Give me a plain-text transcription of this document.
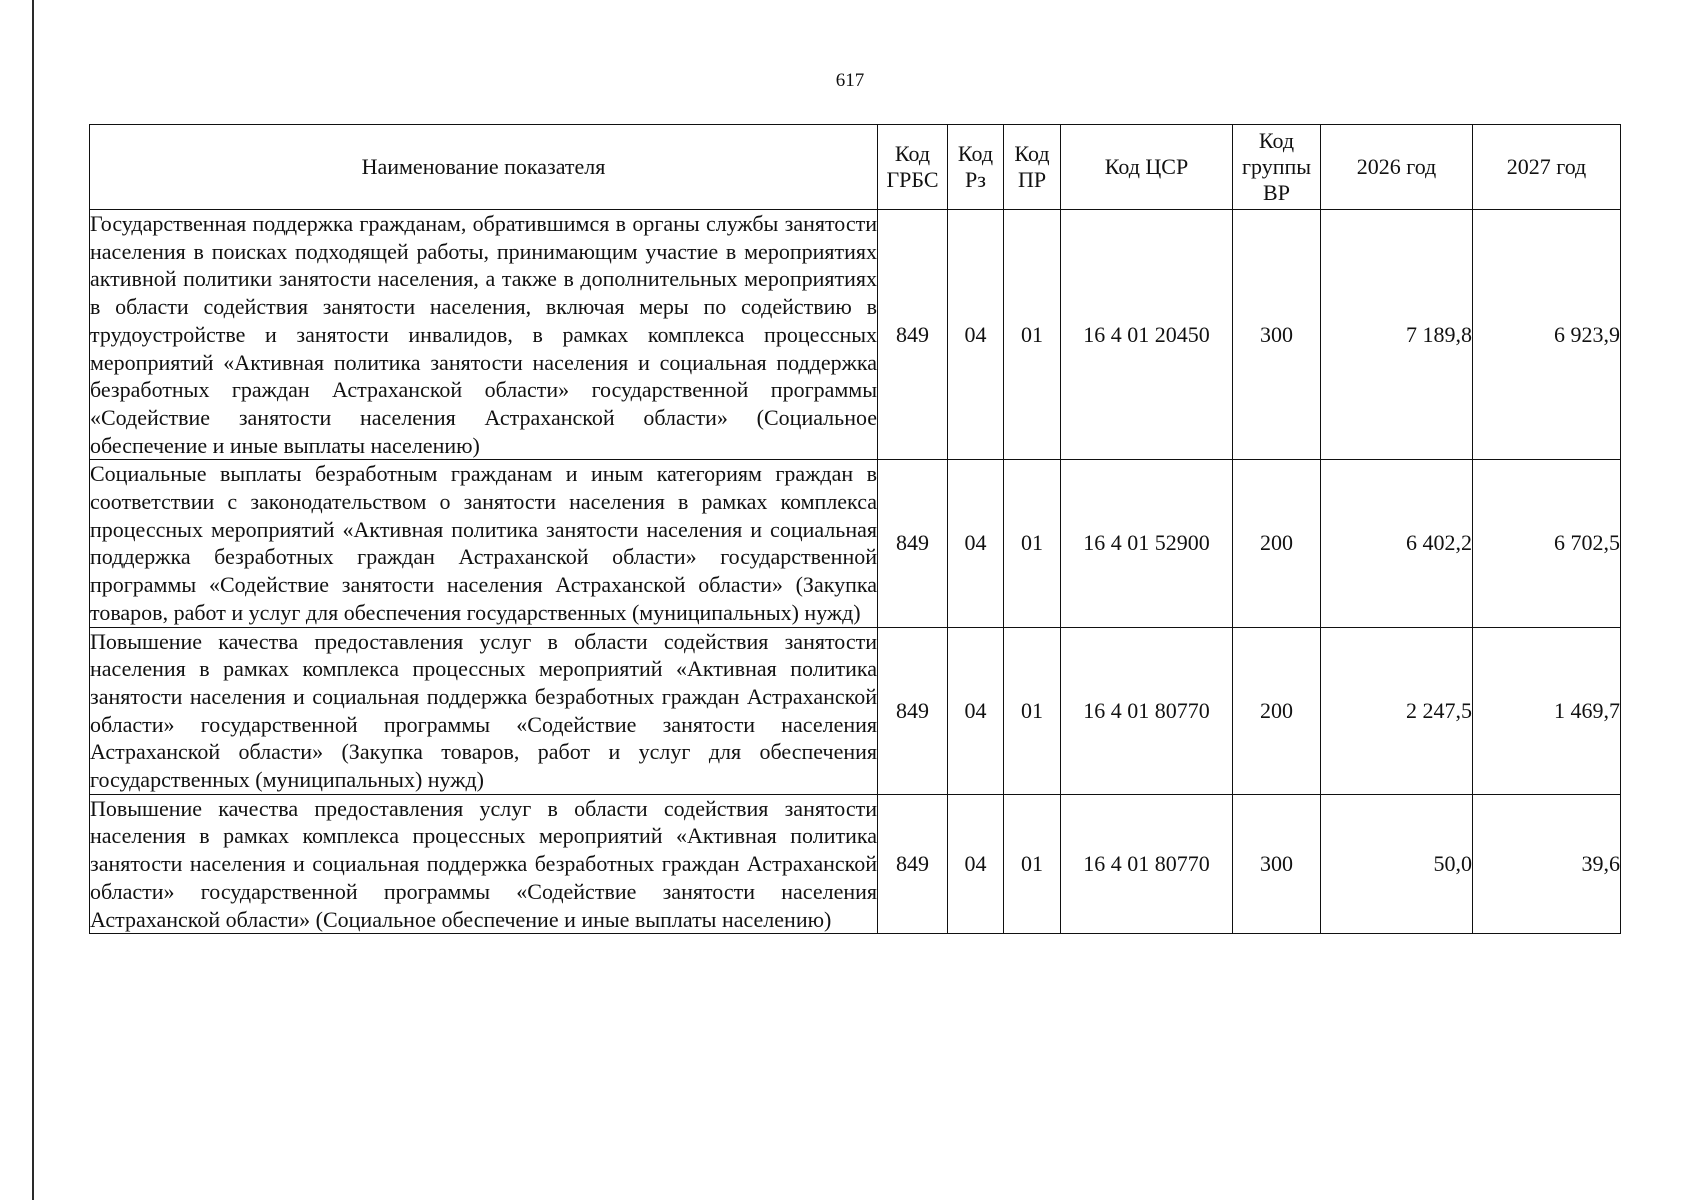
617
Наименование показателя	Код ГРБС	Код Рз	Код ПР	Код ЦСР	Код группы ВР	2026 год	2027 год
Государственная поддержка гражданам, обратившимся в органы службы занятости населения в поисках подходящей работы, принимающим участие в мероприятиях активной политики занятости населения, а также в дополнительных мероприятиях в области содействия занятости населения, включая меры по содействию в трудоустройстве и занятости инвалидов, в рамках комплекса процессных мероприятий «Активная политика занятости населения и социальная поддержка безработных граждан Астраханской области» государственной программы «Содействие занятости населения Астраханской области» (Социальное обеспечение и иные выплаты населению)	849	04	01	16 4 01 20450	300	7 189,8	6 923,9
Социальные выплаты безработным гражданам и иным категориям граждан в соответствии с законодательством о занятости населения в рамках комплекса процессных мероприятий «Активная политика занятости населения и социальная поддержка безработных граждан Астраханской области» государственной программы «Содействие занятости населения Астраханской области» (Закупка товаров, работ и услуг для обеспечения государственных (муниципальных) нужд)	849	04	01	16 4 01 52900	200	6 402,2	6 702,5
Повышение качества предоставления услуг в области содействия занятости населения в рамках комплекса процессных мероприятий «Активная политика занятости населения и социальная поддержка безработных граждан Астраханской области» государственной программы «Содействие занятости населения Астраханской области» (Закупка товаров, работ и услуг для обеспечения государственных (муниципальных) нужд)	849	04	01	16 4 01 80770	200	2 247,5	1 469,7
Повышение качества предоставления услуг в области содействия занятости населения в рамках комплекса процессных мероприятий «Активная политика занятости населения и социальная поддержка безработных граждан Астраханской области» государственной программы «Содействие занятости населения Астраханской области» (Социальное обеспечение и иные выплаты населению)	849	04	01	16 4 01 80770	300	50,0	39,6
